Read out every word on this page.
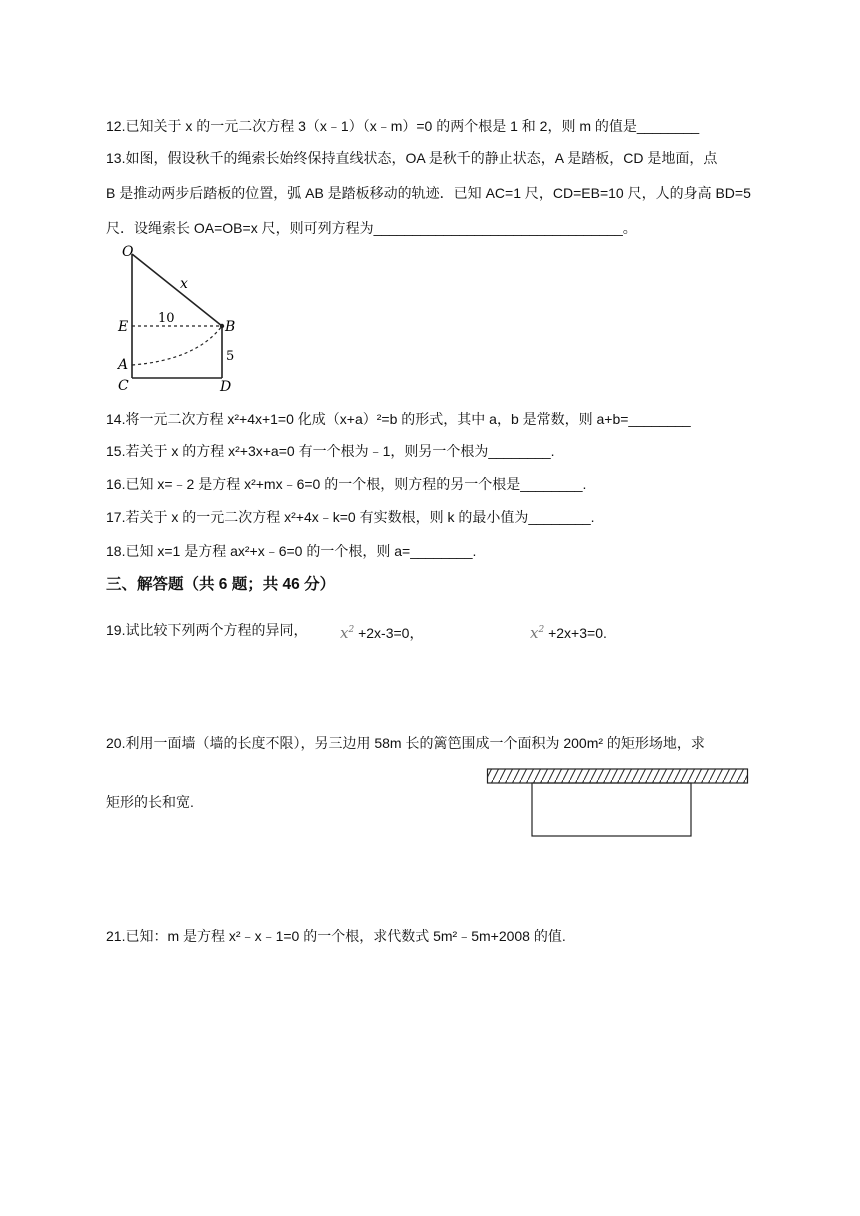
12.已知关于 x 的一元二次方程 3（x﹣1）（x﹣m）=0 的两个根是 1 和 2，则 m 的值是________
13.如图，假设秋千的绳索长始终保持直线状态，OA 是秋千的静止状态，A 是踏板，CD 是地面，点
B 是推动两步后踏板的位置，弧 AB 是踏板移动的轨迹．已知 AC=1 尺，CD=EB=10 尺，人的身高 BD=5
尺．设绳索长 OA=OB=x 尺，则可列方程为________________________________。
O
E
A
C	D
B
x
10
5
14.将一元二次方程 x²+4x+1=0 化成（x+a）²=b 的形式，其中 a，b 是常数，则 a+b=________
15.若关于 x 的方程 x²+3x+a=0 有一个根为﹣1，则另一个根为________.
16.已知 x=﹣2 是方程 x²+mx﹣6=0 的一个根，则方程的另一个根是________.
17.若关于 x 的一元二次方程 x²+4x﹣k=0 有实数根，则 k 的最小值为________.
18.已知 x=1 是方程 ax²+x﹣6=0 的一个根，则 a=________.
三、解答题（共 6 题；共 46 分）
19.试比较下列两个方程的异同， $x^2 +2x-3=0$，	$x^2 +2x+3=0$.
20.利用一面墙（墙的长度不限），另三边用 58m 长的篱笆围成一个面积为 200m² 的矩形场地，求
矩形的长和宽.
21.已知：m 是方程 x²﹣x﹣1=0 的一个根，求代数式 5m²﹣5m+2008 的值.
